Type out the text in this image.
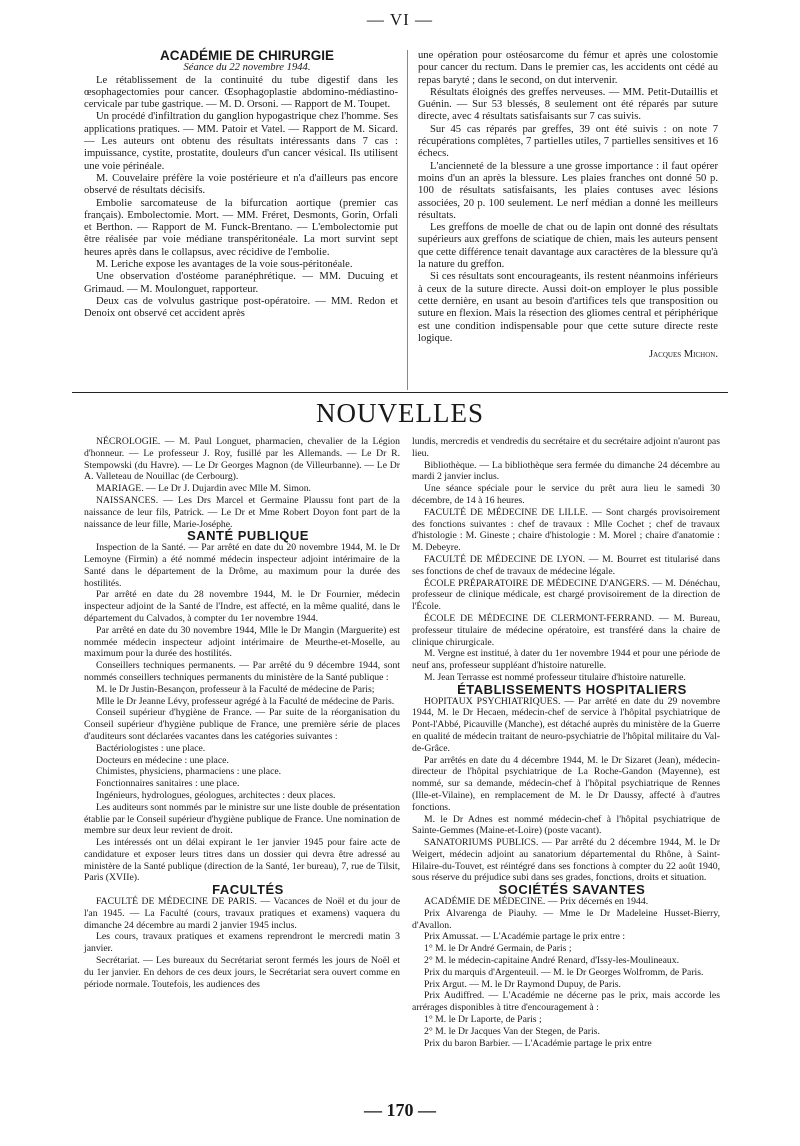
— VI —

ACADÉMIE DE CHIRURGIE

Séance du 22 novembre 1944.

Le rétablissement de la continuité du tube digestif dans les œsophagectomies pour cancer. Œsophagoplastie abdomino-médiastino-cervicale par tube gastrique. — M. D. Orsoni. — Rapport de M. Toupet.

Un procédé d'infiltration du ganglion hypogastrique chez l'homme. Ses applications pratiques. — MM. Patoir et Vatel. — Rapport de M. Sicard. — Les auteurs ont obtenu des résultats intéressants dans 7 cas : impuissance, cystite, prostatite, douleurs d'un cancer vésical. Ils utilisent une voie périnéale.

M. Couvelaire préfère la voie postérieure et n'a d'ailleurs pas encore observé de résultats décisifs.

Embolie sarcomateuse de la bifurcation aortique (premier cas français). Embolectomie. Mort. — MM. Fréret, Desmonts, Gorin, Orfali et Berthon. — Rapport de M. Funck-Brentano. — L'embolectomie put être réalisée par voie médiane transpéritonéale. La mort survint sept heures après dans le collapsus, avec récidive de l'embolie.

M. Leriche expose les avantages de la voie sous-péritonéale.

Une observation d'ostéome paranéphrétique. — MM. Ducuing et Grimaud. — M. Moulonguet, rapporteur.

Deux cas de volvulus gastrique post-opératoire. — MM. Redon et Denoix ont observé cet accident après

une opération pour ostéosarcome du fémur et après une colostomie pour cancer du rectum. Dans le premier cas, les accidents ont cédé au repas baryté ; dans le second, on dut intervenir.

Résultats éloignés des greffes nerveuses. — MM. Petit-Dutaillis et Guénin. — Sur 53 blessés, 8 seulement ont été réparés par suture directe, avec 4 résultats satisfaisants sur 7 cas suivis.

Sur 45 cas réparés par greffes, 39 ont été suivis : on note 7 récupérations complètes, 7 partielles utiles, 7 partielles sensitives et 16 échecs.

L'ancienneté de la blessure a une grosse importance : il faut opérer moins d'un an après la blessure. Les plaies franches ont donné 50 p. 100 de résultats satisfaisants, les plaies contuses avec lésions associées, 20 p. 100 seulement. Le nerf médian a donné les meilleurs résultats.

Les greffons de moelle de chat ou de lapin ont donné des résultats supérieurs aux greffons de sciatique de chien, mais les auteurs pensent que cette différence tenait davantage aux caractères de la blessure qu'à la nature du greffon.

Si ces résultats sont encourageants, ils restent néanmoins inférieurs à ceux de la suture directe. Aussi doit-on employer le plus possible cette dernière, en usant au besoin d'artifices tels que transposition ou suture en flexion. Mais la résection des gliomes central et périphérique est une condition indispensable pour que cette suture directe reste logique.

Jacques Michon.

NOUVELLES

NÉCROLOGIE. — M. Paul Longuet, pharmacien, chevalier de la Légion d'honneur. — Le professeur J. Roy, fusillé par les Allemands. — Le Dr R. Stempowski (du Havre). — Le Dr Georges Magnon (de Villeurbanne). — Le Dr A. Valleteau de Nouillac (de Cerbourg).

MARIAGE. — Le Dr J. Dujardin avec Mlle M. Simon.

NAISSANCES. — Les Drs Marcel et Germaine Plaussu font part de la naissance de leur fils, Patrick. — Le Dr et Mme Robert Doyon font part de la naissance de leur fille, Marie-Joséphe.

SANTÉ PUBLIQUE

Inspection de la Santé. — Par arrêté en date du 20 novembre 1944, M. le Dr Lemoyne (Firmin) a été nommé médecin inspecteur adjoint intérimaire de la Santé dans le département de la Drôme, au maximum pour la durée des hostilités.

Par arrêté en date du 28 novembre 1944, M. le Dr Fournier, médecin inspecteur adjoint de la Santé de l'Indre, est affecté, en la même qualité, dans le département du Calvados, à compter du 1er novembre 1944.

Par arrêté en date du 30 novembre 1944, Mlle le Dr Mangin (Marguerite) est nommée médecin inspecteur adjoint intérimaire de Meurthe-et-Moselle, au maximum pour la durée des hostilités.

Conseillers techniques permanents. — Par arrêté du 9 décembre 1944, sont nommés conseillers techniques permanents du ministère de la Santé publique :

M. le Dr Justin-Besançon, professeur à la Faculté de médecine de Paris;

Mlle le Dr Jeanne Lévy, professeur agrégé à la Faculté de médecine de Paris.

Conseil supérieur d'hygiène de France. — Par suite de la réorganisation du Conseil supérieur d'hygiène publique de France, une première série de places d'auditeurs sont déclarées vacantes dans les catégories suivantes :

Bactériologistes : une place.

Docteurs en médecine : une place.

Chimistes, physiciens, pharmaciens : une place.

Fonctionnaires sanitaires : une place.

Ingénieurs, hydrologues, géologues, architectes : deux places.

Les auditeurs sont nommés par le ministre sur une liste double de présentation établie par le Conseil supérieur d'hygiène publique de France. Une nomination de membre sur deux leur revient de droit.

Les intéressés ont un délai expirant le 1er janvier 1945 pour faire acte de candidature et exposer leurs titres dans un dossier qui devra être adressé au ministère de la Santé publique (direction de la Santé, 1er bureau), 7, rue de Tilsit, Paris (XVIIe).

FACULTÉS

FACULTÉ DE MÉDECINE DE PARIS. — Vacances de Noël et du jour de l'an 1945. — La Faculté (cours, travaux pratiques et examens) vaquera du dimanche 24 décembre au mardi 2 janvier 1945 inclus.

Les cours, travaux pratiques et examens reprendront le mercredi matin 3 janvier.

Secrétariat. — Les bureaux du Secrétariat seront fermés les jours de Noël et du 1er janvier. En dehors de ces deux jours, le Secrétariat sera ouvert comme en période normale. Toutefois, les audiences des

lundis, mercredis et vendredis du secrétaire et du secrétaire adjoint n'auront pas lieu.

Bibliothèque. — La bibliothèque sera fermée du dimanche 24 décembre au mardi 2 janvier inclus.

Une séance spéciale pour le service du prêt aura lieu le samedi 30 décembre, de 14 à 16 heures.

FACULTÉ DE MÉDECINE DE LILLE. — Sont chargés provisoirement des fonctions suivantes : chef de travaux : Mlle Cochet ; chef de travaux d'histologie : M. Gineste ; chaire d'histologie : M. Morel ; chaire d'anatomie : M. Debeyre.

FACULTÉ DE MÉDECINE DE LYON. — M. Bourret est titularisé dans ses fonctions de chef de travaux de médecine légale.

ÉCOLE PRÉPARATOIRE DE MÉDECINE D'ANGERS. — M. Dénéchau, professeur de clinique médicale, est chargé provisoirement de la direction de l'École.

ÉCOLE DE MÉDECINE DE CLERMONT-FERRAND. — M. Bureau, professeur titulaire de médecine opératoire, est transféré dans la chaire de clinique chirurgicale.

M. Vergne est institué, à dater du 1er novembre 1944 et pour une période de neuf ans, professeur suppléant d'histoire naturelle.

M. Jean Terrasse est nommé professeur titulaire d'histoire naturelle.

ÉTABLISSEMENTS HOSPITALIERS

HOPITAUX PSYCHIATRIQUES. — Par arrêté en date du 29 novembre 1944, M. le Dr Hecaen, médecin-chef de service à l'hôpital psychiatrique de Pont-l'Abbé, Picauville (Manche), est détaché auprès du ministère de la Guerre en qualité de médecin traitant de neuro-psychiatrie de l'hôpital militaire du Val-de-Grâce.

Par arrêtés en date du 4 décembre 1944, M. le Dr Sizaret (Jean), médecin-directeur de l'hôpital psychiatrique de La Roche-Gandon (Mayenne), est nommé, sur sa demande, médecin-chef à l'hôpital psychiatrique de Rennes (Ille-et-Vilaine), en remplacement de M. le Dr Daussy, affecté à d'autres fonctions.

M. le Dr Adnes est nommé médecin-chef à l'hôpital psychiatrique de Sainte-Gemmes (Maine-et-Loire) (poste vacant).

SANATORIUMS PUBLICS. — Par arrêté du 2 décembre 1944, M. le Dr Weigert, médecin adjoint au sanatorium départemental du Rhône, à Saint-Hilaire-du-Touvet, est réintégré dans ses fonctions à compter du 22 août 1940, sous réserve du préjudice subi dans ses grades, fonctions, droits et situation.

SOCIÉTÉS SAVANTES

ACADÉMIE DE MÉDECINE. — Prix décernés en 1944.

Prix Alvarenga de Piauhy. — Mme le Dr Madeleine Husset-Bierry, d'Avallon.

Prix Amussat. — L'Académie partage le prix entre :

1° M. le Dr André Germain, de Paris ;

2° M. le médecin-capitaine André Renard, d'Issy-les-Moulineaux.

Prix du marquis d'Argenteuil. — M. le Dr Georges Wolfromm, de Paris.

Prix Argut. — M. le Dr Raymond Dupuy, de Paris.

Prix Audiffred. — L'Académie ne décerne pas le prix, mais accorde les arrérages disponibles à titre d'encouragement à :

1° M. le Dr Laporte, de Paris ;

2° M. le Dr Jacques Van der Stegen, de Paris.

Prix du baron Barbier. — L'Académie partage le prix entre

— 170 —
